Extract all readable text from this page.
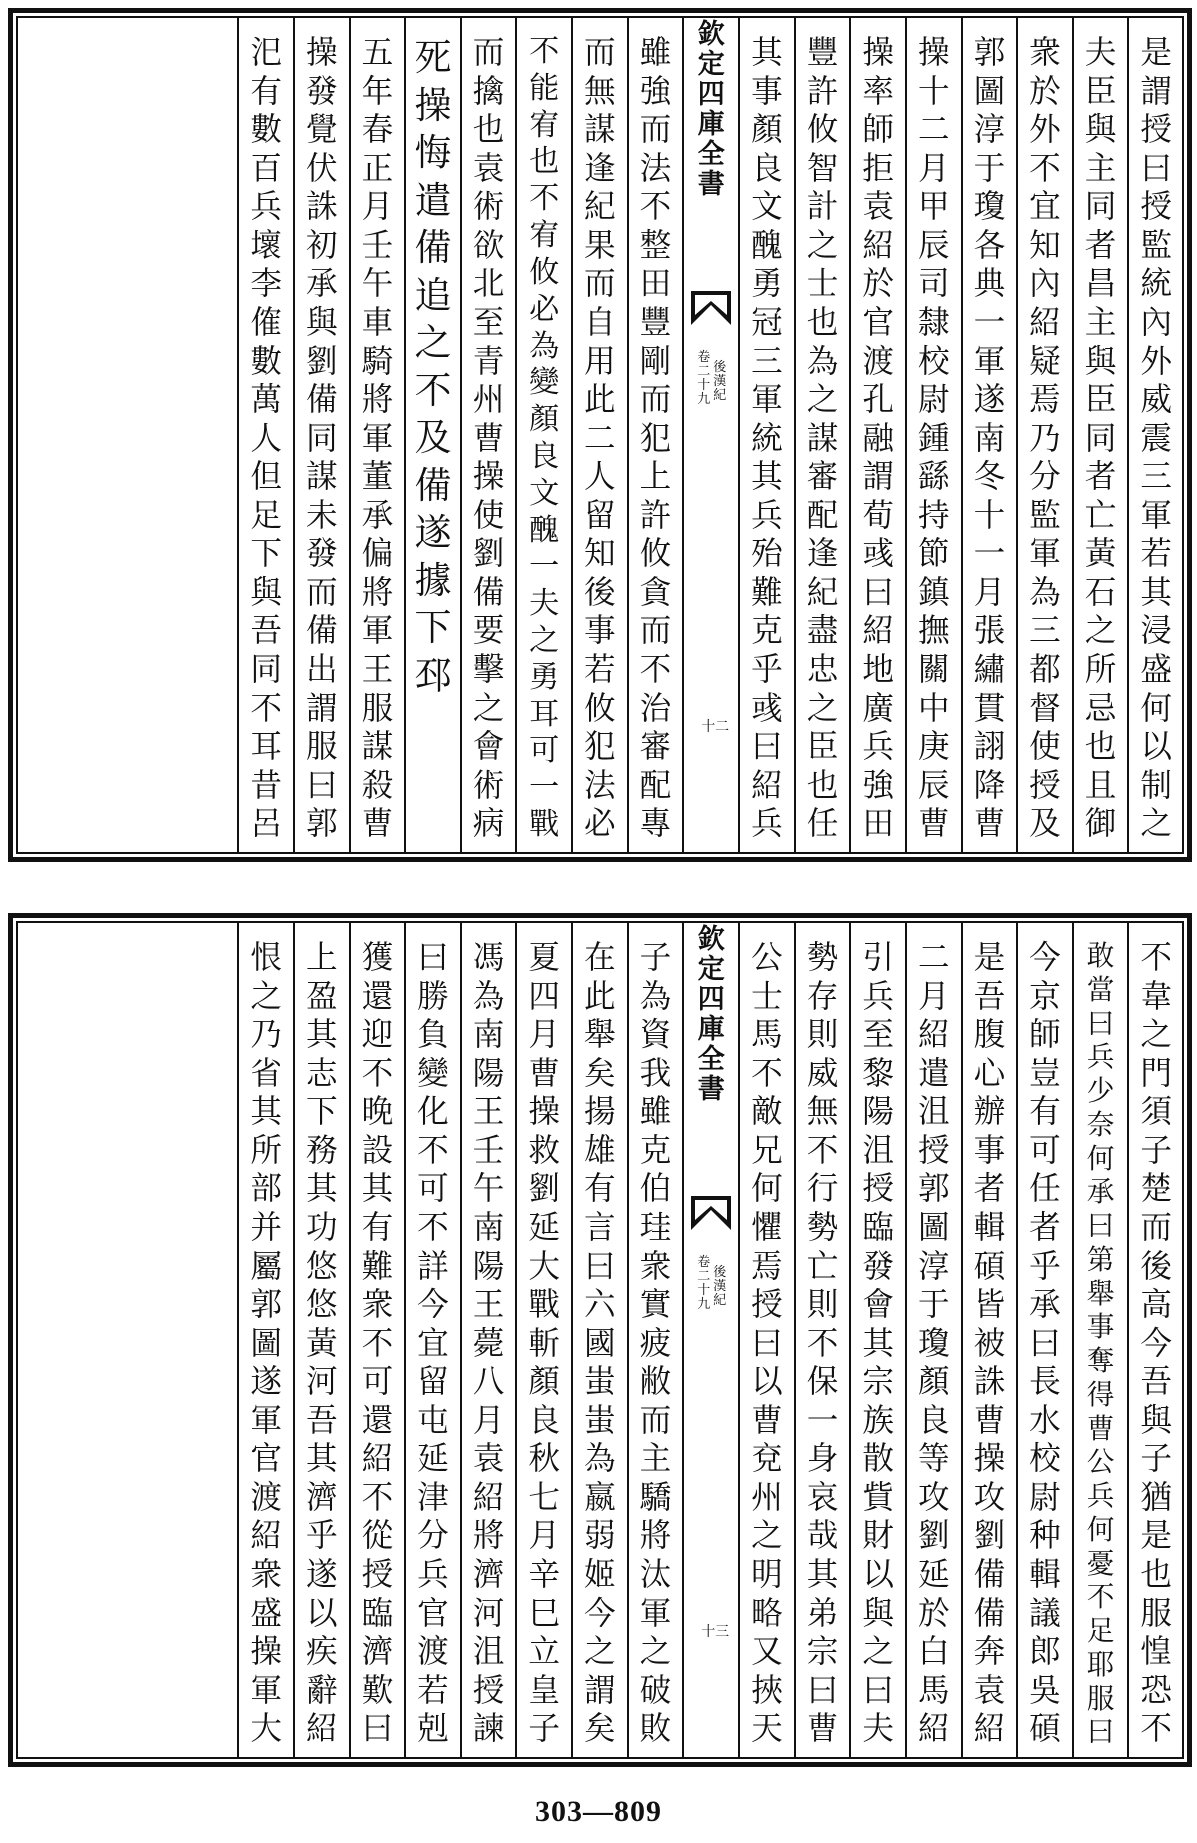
是
謂
授
曰
授
監
統
內
外
威
震
三
軍
若
其
浸
盛
何
以
制
之
夫
臣
與
主
同
者
昌
主
與
臣
同
者
亡
黃
石
之
所
忌
也
且
御
衆
於
外
不
宜
知
內
紹
疑
焉
乃
分
監
軍
為
三
都
督
使
授
及
郭
圖
淳
于
瓊
各
典
一
軍
遂
南
冬
十
一
月
張
繡
貫
詡
降
曹
操
十
二
月
甲
辰
司
隸
校
尉
鍾
繇
持
節
鎮
撫
關
中
庚
辰
曹
操
率
師
拒
袁
紹
於
官
渡
孔
融
謂
荀
彧
曰
紹
地
廣
兵
強
田
豐
許
攸
智
計
之
士
也
為
之
謀
審
配
逢
紀
盡
忠
之
臣
也
任
其
事
顏
良
文
醜
勇
冠
三
軍
統
其
兵
殆
難
克
乎
彧
曰
紹
兵
欽
定
四
庫
全
書
後
漢
紀
卷
二
十
九
十二
雖
強
而
法
不
整
田
豐
剛
而
犯
上
許
攸
貪
而
不
治
審
配
專
而
無
謀
逢
紀
果
而
自
用
此
二
人
留
知
後
事
若
攸
犯
法
必
不
能
宥
也
不
宥
攸
必
為
變
顏
良
文
醜
一
夫
之
勇
耳
可
一
戰
而
擒
也
袁
術
欲
北
至
青
州
曹
操
使
劉
備
要
擊
之
會
術
病
死
操
悔
遣
備
追
之
不
及
備
遂
據
下
邳
五
年
春
正
月
壬
午
車
騎
將
軍
董
承
偏
將
軍
王
服
謀
殺
曹
操
發
覺
伏
誅
初
承
與
劉
備
同
謀
未
發
而
備
出
謂
服
曰
郭
汜
有
數
百
兵
壞
李
傕
數
萬
人
但
足
下
與
吾
同
不
耳
昔
呂
不
韋
之
門
須
子
楚
而
後
高
今
吾
與
子
猶
是
也
服
惶
恐
不
敢
當
曰
兵
少
奈
何
承
曰
第
舉
事
奪
得
曹
公
兵
何
憂
不
足
耶
服
曰
今
京
師
豈
有
可
任
者
乎
承
曰
長
水
校
尉
种
輯
議
郎
吳
碩
是
吾
腹
心
辦
事
者
輯
碩
皆
被
誅
曹
操
攻
劉
備
備
奔
袁
紹
二
月
紹
遣
沮
授
郭
圖
淳
于
瓊
顏
良
等
攻
劉
延
於
白
馬
紹
引
兵
至
黎
陽
沮
授
臨
發
會
其
宗
族
散
貲
財
以
與
之
曰
夫
勢
存
則
威
無
不
行
勢
亡
則
不
保
一
身
哀
哉
其
弟
宗
曰
曹
公
士
馬
不
敵
兄
何
懼
焉
授
曰
以
曹
兗
州
之
明
略
又
挾
天
欽
定
四
庫
全
書
後
漢
紀
卷
二
十
九
十三
子
為
資
我
雖
克
伯
珪
衆
實
疲
敝
而
主
驕
將
汰
軍
之
破
敗
在
此
舉
矣
揚
雄
有
言
曰
六
國
蚩
蚩
為
嬴
弱
姬
今
之
謂
矣
夏
四
月
曹
操
救
劉
延
大
戰
斬
顏
良
秋
七
月
辛
巳
立
皇
子
馮
為
南
陽
王
壬
午
南
陽
王
薨
八
月
袁
紹
將
濟
河
沮
授
諫
曰
勝
負
變
化
不
可
不
詳
今
宜
留
屯
延
津
分
兵
官
渡
若
剋
獲
還
迎
不
晚
設
其
有
難
衆
不
可
還
紹
不
從
授
臨
濟
歎
曰
上
盈
其
志
下
務
其
功
悠
悠
黃
河
吾
其
濟
乎
遂
以
疾
辭
紹
恨
之
乃
省
其
所
部
并
屬
郭
圖
遂
軍
官
渡
紹
衆
盛
操
軍
大
303—809
